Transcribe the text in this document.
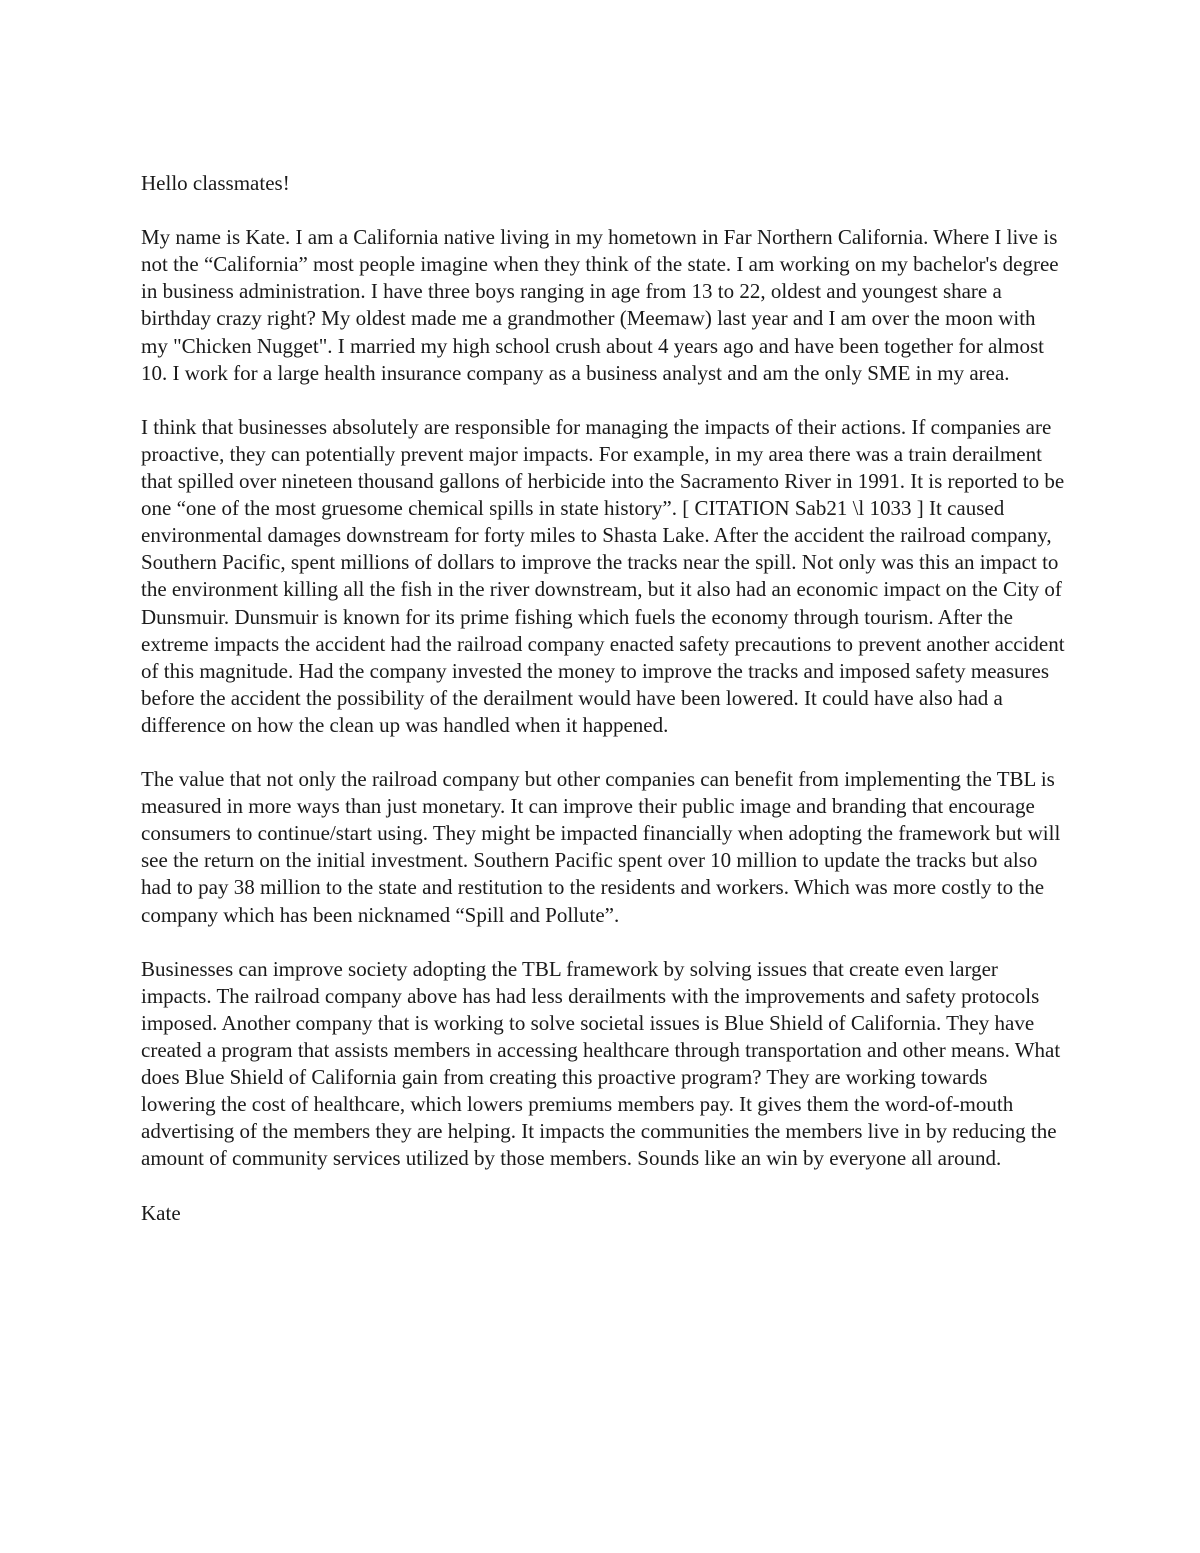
Hello classmates!

My name is Kate. I am a California native living in my hometown in Far Northern California. Where I live is not the “California” most people imagine when they think of the state. I am working on my bachelor's degree in business administration. I have three boys ranging in age from 13 to 22, oldest and youngest share a birthday crazy right? My oldest made me a grandmother (Meemaw) last year and I am over the moon with my "Chicken Nugget". I married my high school crush about 4 years ago and have been together for almost 10. I work for a large health insurance company as a business analyst and am the only SME in my area.

I think that businesses absolutely are responsible for managing the impacts of their actions. If companies are proactive, they can potentially prevent major impacts. For example, in my area there was a train derailment that spilled over nineteen thousand gallons of herbicide into the Sacramento River in 1991. It is reported to be one “one of the most gruesome chemical spills in state history”. [ CITATION Sab21 \l 1033 ] It caused environmental damages downstream for forty miles to Shasta Lake. After the accident the railroad company, Southern Pacific, spent millions of dollars to improve the tracks near the spill. Not only was this an impact to the environment killing all the fish in the river downstream, but it also had an economic impact on the City of Dunsmuir. Dunsmuir is known for its prime fishing which fuels the economy through tourism. After the extreme impacts the accident had the railroad company enacted safety precautions to prevent another accident of this magnitude. Had the company invested the money to improve the tracks and imposed safety measures before the accident the possibility of the derailment would have been lowered. It could have also had a difference on how the clean up was handled when it happened.

The value that not only the railroad company but other companies can benefit from implementing the TBL is measured in more ways than just monetary. It can improve their public image and branding that encourage consumers to continue/start using. They might be impacted financially when adopting the framework but will see the return on the initial investment. Southern Pacific spent over 10 million to update the tracks but also had to pay 38 million to the state and restitution to the residents and workers. Which was more costly to the company which has been nicknamed “Spill and Pollute”.

Businesses can improve society adopting the TBL framework by solving issues that create even larger impacts. The railroad company above has had less derailments with the improvements and safety protocols imposed. Another company that is working to solve societal issues is Blue Shield of California. They have created a program that assists members in accessing healthcare through transportation and other means. What does Blue Shield of California gain from creating this proactive program? They are working towards lowering the cost of healthcare, which lowers premiums members pay. It gives them the word-of-mouth advertising of the members they are helping. It impacts the communities the members live in by reducing the amount of community services utilized by those members. Sounds like an win by everyone all around.

Kate
